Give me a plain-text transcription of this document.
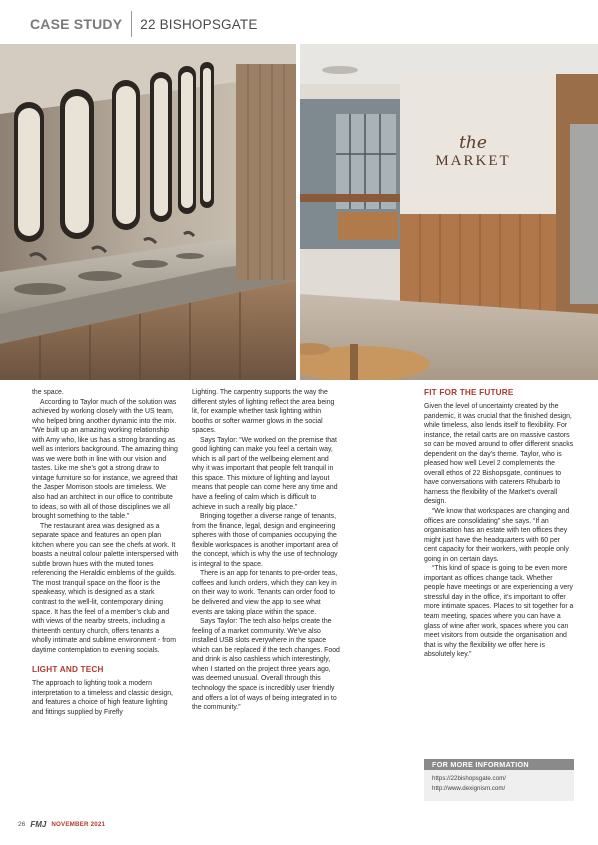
CASE STUDY 22 BISHOPSGATE
the
MARKET

the space.

According to Taylor much of the solution was achieved by working closely with the US team, who helped bring another dynamic into the mix. “We built up an amazing working relationship with Amy who, like us has a strong branding as well as interiors background. The amazing thing was we were both in line with our vision and tastes. Like me she’s got a strong draw to vintage furniture so for instance, we agreed that the Jasper Morrison stools are timeless. We also had an architect in our office to contribute to ideas, so with all of those disciplines we all brought something to the table.”

The restaurant area was designed as a separate space and features an open plan kitchen where you can see the chefs at work. It boasts a neutral colour palette interspersed with subtle brown hues with the muted tones referencing the Heraldic emblems of the guilds. The most tranquil space on the floor is the speakeasy, which is designed as a stark contrast to the well-lit, contemporary dining space. It has the feel of a member’s club and with views of the nearby streets, including a thirteenth century church, offers tenants a wholly intimate and sublime environment - from daytime contemplation to evening socials.

LIGHT AND TECH

The approach to lighting took a modern interpretation to a timeless and classic design, and features a choice of high feature lighting and fittings supplied by Firefly

Lighting. The carpentry supports the way the different styles of lighting reflect the area being lit, for example whether task lighting within booths or softer warmer glows in the social spaces.

Says Taylor: “We worked on the premise that good lighting can make you feel a certain way, which is all part of the wellbeing element and why it was important that people felt tranquil in this space. This mixture of lighting and layout means that people can come here any time and have a feeling of calm which is difficult to achieve in such a really big place.”

Bringing together a diverse range of tenants, from the finance, legal, design and engineering spheres with those of companies occupying the flexible workspaces is another important area of the concept, which is why the use of technology is integral to the space.

There is an app for tenants to pre-order teas, coffees and lunch orders, which they can key in on their way to work. Tenants can order food to be delivered and view the app to see what events are taking place within the space.

Says Taylor: The tech also helps create the feeling of a market community. We’ve also installed USB slots everywhere in the space which can be replaced if the tech changes. Food and drink is also cashless which interestingly, when I started on the project three years ago, was deemed unusual. Overall through this technology the space is incredibly user friendly and offers a lot of ways of being integrated in to the community.”

FIT FOR THE FUTURE

Given the level of uncertainty created by the pandemic, it was crucial that the finished design, while timeless, also lends itself to flexibility. For instance, the retail carts are on massive castors so can be moved around to offer different snacks dependent on the day’s theme. Taylor, who is pleased how well Level 2 complements the overall ethos of 22 Bishopsgate, continues to have conversations with caterers Rhubarb to harness the flexibility of the Market’s overall design.

“We know that workspaces are changing and offices are consolidating” she says. “If an organisation has an estate with ten offices they might just have the headquarters with 60 per cent capacity for their workers, with people only going in on certain days.

“This kind of space is going to be even more important as offices change tack. Whether people have meetings or are experiencing a very stressful day in the office, it’s important to offer more intimate spaces. Places to sit together for a team meeting, spaces where you can have a glass of wine after work, spaces where you can meet visitors from outside the organisation and that is why the flexibility we offer here is absolutely key.”

FOR MORE INFORMATION
https://22bishopsgate.com/
http://www.dexignism.com/
26 FMJ NOVEMBER 2021
